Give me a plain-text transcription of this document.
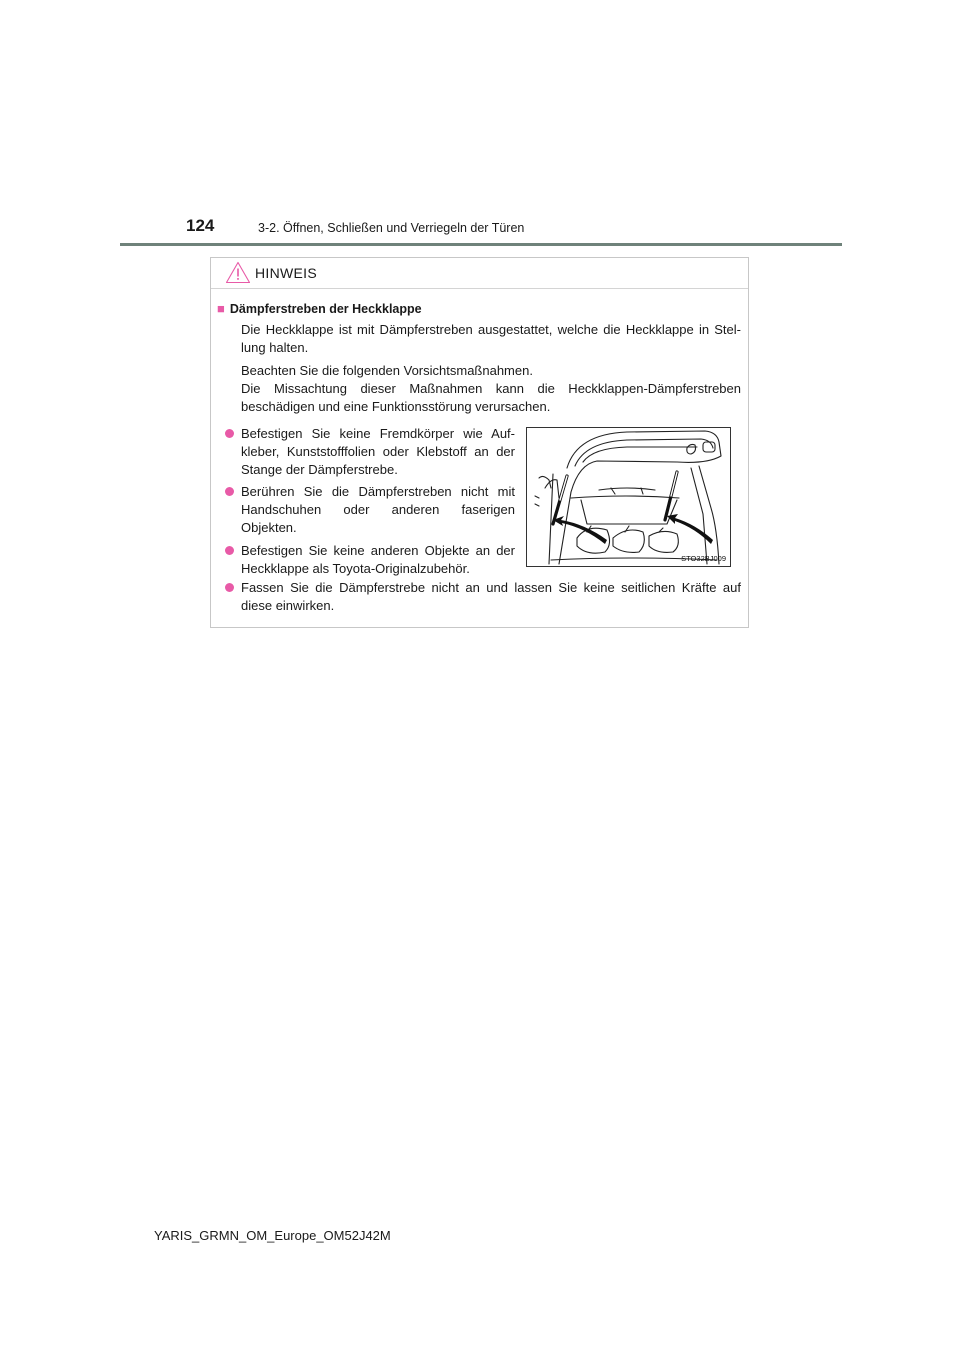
124	3-2. Öffnen, Schließen und Verriegeln der Türen
HINWEIS
■ Dämpferstreben der Heckklappe
Die Heckklappe ist mit Dämpferstreben ausgestattet, welche die Heckklappe in Stel-lung halten.
Beachten Sie die folgenden Vorsichtsmaßnahmen.
Die Missachtung dieser Maßnahmen kann die Heckklappen-Dämpferstreben beschädigen und eine Funktionsstörung verursachen.
Befestigen Sie keine Fremdkörper wie Auf-kleber, Kunststofffolien oder Klebstoff an der Stange der Dämpferstrebe.
Berühren Sie die Dämpferstreben nicht mit Handschuhen oder anderen faserigen Objekten.
Befestigen Sie keine anderen Objekte an der Heckklappe als Toyota-Originalzubehör.
Fassen Sie die Dämpferstrebe nicht an und lassen Sie keine seitlichen Kräfte auf diese einwirken.
STO32BJ009
YARIS_GRMN_OM_Europe_OM52J42M
